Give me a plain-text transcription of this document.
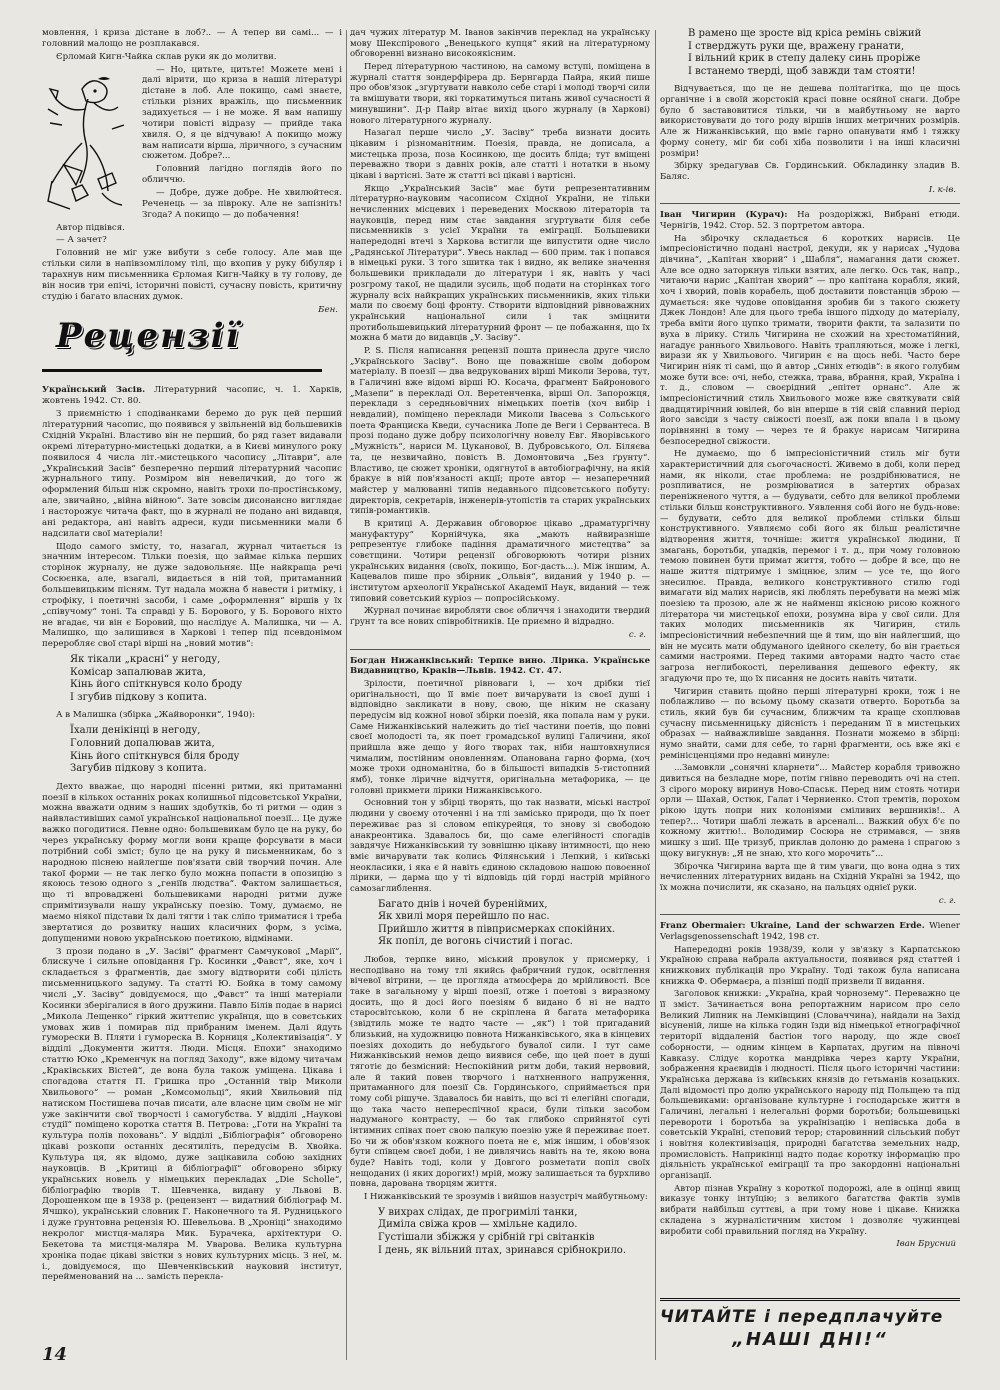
мовлення, і криза дістане в лоб?.. — А тепер ви самі... — і головний малощо не розплакався.

Єрломай Кигн-Чайка склав руки як до молитви.

— Но, цитьте, цитьте! Можете мені і далі вірити, що криза в нашій літературі дістане в лоб. Але покищо, самі знаєте, стільки різних вражіль, що письменник задихується — і не може. Я вам напишу чотири повісті відразу — прийде така хвиля. О, я це відчуваю! А покищо можу вам написати вірша, ліричного, з сучасним сюжетом. Добре?...

Головний лагідно поглядів його по обличчю.

— Добре, дуже добре. Не хвилюйтеся. Реченець — за півроку. Але не запізніть! Згода? А покищо — до побачення!

Автор підвівся.

— А зачет?

Головний не міг уже вибути з себе голосу. Але мав ще стільки сили в напівзомлілому тілі, що вхопив у руку бібуляр і тарахнув ним письменника Єрломая Кигн-Чайку в ту голову, де він носив три епічі, історичні повісті, сучасну повість, критичну студію і багато власних думок.

Бен.
Рецензії

Український Засів. Літературний часопис, ч. 1. Харків, жовтень 1942. Ст. 80.

З приємністю і сподіванками беремо до рук цей перший літературний часопис, що появився у звільненій від большевиків Східній Україні. Властиво він не перший, бо ряд газет видавали окремі літературно-мистецькі додатки, а в Києві минулого року появилося 4 числа літ.-мистецького часопису „Літаври“, але „Український Засів“ безперечно перший літературний часопис журнального типу. Розміром він невеличкий, до того ж оформлений більш ніж скромно, навіть трохи по-простінському, але, звичайно, „війна війною“. Зате зовсім дисонансно виглядає і насторожує читача факт, що в журналі не подано ані видавця, ані редактора, ані навіть адреси, куди письменники мали б надсилати свої матеріали!

Щодо самого змісту, то, назагал, журнал читається із значним інтересом. Тільки поезія, що займає кілька перших сторінок журналу, не дуже задовольняє. Ще найкраща речі Сосюєнка, але, взагалі, видається в ній той, притаманний большевицьким пісням. Тут надала можна б навести і ритміку, і строфіку, і поетичні засоби, і саме „оформлення“ віршів у їх „співучому“ тоні. Та справді у Б. Борового, у Б. Борового ніхто не вгадає, чи він є Боровий, що наслідує А. Малишка, чи — А. Малишко, що залишився в Харкові і тепер під псевдонімом переробляє свої старі вірші на „новий мотив“:

Як тікали „красні“ у негоду,
Комісар запалював жита,
Кінь його спіткнувся коло броду
І згубив підкову з копита.

А в Малишка (збірка „Жайворонки“, 1940):

Їхали денікінці в негоду,
Головний допалював жита,
Кінь його спіткнувся біля броду
Загубив підкову з копита.

Дехто вважає, що народні пісенні ритми, які притаманні поезії в кількох останніх роках колишньої підсовєтської України, можна вважати одним з наших здобутків, бо ті ритми — один з найвластивіших самої української національної поезії... Це дуже важко погодитися. Певне одно: большевикам було це на руку, бо через українську форму могли вони краще форсувати в маси потрібний собі зміст; було це на руку й письменникам, бо з народною піснею найлегше пов'язати свій творчий почин. Але такої форми — не так легко було можна попасти в опозицію з якоюсь тезою одного з „геніїв людства“. Фактом залишається, що ті впроваджені большевиками народні ритми дуже спримітизували нашу українську поезію. Тому, думаємо, не маємо ніякої підстави їх далі тягти і так сліпо триматися і треба звертатися до розвитку наших класичних форм, з усіма, допущеними новою українською поетикою, відмінами.

З прози подано в „У. Засіві“ фрагмент Самчукової „Марії“, блискуче і сильне оповідання Гр. Косинки „Фавст“, яке, хоч і складається з фрагментів, дає змогу відтворити собі цілість письменницького задуму. Та статті Ю. Бойка в тому самому числі „У. Засіву“ довідуємося, що „Фавст“ та інші матеріали Косинки зберігалися в його дружини. Павло Білів подає в нарисі „Микола Лещенко“ гіркий життєпис українця, що в совєтських умовах жив і помирав під прибраним іменем. Далі йдуть гуморески В. Пляти і гумореска В. Корниця „Колективізація“. У відділі „Документи життя. Люди. Місця. Епохи“ знаходимо статтю Юко „Кременчук на погляд Заходу“, вже відому читачам „Краківських Вістей“, де вона була також уміщена. Цікава і спогадова стаття П. Гришка про „Останній твір Миколи Хвильового“ — роман „Комсомольці“, який Хвильовий під натиском Постишева почав писати, але власне цим своїм не міг уже закінчити свої творчості і самогубства. У відділі „Наукові студії“ поміщено коротка стаття В. Петрова: „Готи на Україні та культура полів поховань“. У відділі „Бібліографія“ обговорено цікаві розкопи останніх десятиліть, передусім В. Хвойка. Культура ця, як відомо, дуже зацікавила собою західних науковців. В „Критиці й бібліографії“ обговорено збірку українських новель у німецьких перекладах „Die Scholle“, бібліографію творів Т. Шевченка, видану у Львові В. Дорошенком ще в 1938 р. (рецензент — видатний бібліограф М. Ячшко), український словник Г. Наконечного та Я. Рудницького і дуже ґрунтовна рецензія Ю. Шевельова. В „Хроніці“ знаходимо некролог мистця-маляра Мик. Бурачека, архітектури О. Бекетова та мистця-маляра М. Уварова. Велика культурна хроніка подає цікаві звістки з нових культурних місць. З неї, м. і., довідуємося, що Шевченківський науковий інститут, перейменований на ... замість перекла-

дач чужих літератур М. Іванов закінчив переклад на українську мову Шекспірового „Венецькoго купця“ який на літературному обговоренні визнано високоякісним.

Перед літературною частиною, на самому вступі, поміщена в журналі стаття зондерфірера др. Бернгарда Пайра, який пише про обов'язок „згуртувати навколо себе старі і молоді творчі сили та вмішувати твори, які торкатимуться питань живої сучасності й минувшини“. Д-р Пайр вітає вихід цього журналу (в Харкові) нового літературного журналу.

Назагал перше число „У. Засіву“ треба визнати досить цікавим і різноманітним. Поезія, правда, не дописала, а мистецька проза, поза Косинкою, ще досить бліда; тут вміщені переважно твори з давніх років, але статті і нотатки в ньому цікаві і вартісні. Зате ж статті всі цікаві і вартісні.

Якщо „Український Засів“ має бути репрезентативним літературно-науковим часописом Східної України, не тільки нечисленних місцевих і переведених Москвою літераторів та науковців, перед ним стає завдання згуртувати біля себе письменників з усієї України та еміграції. Большевики напередодні втечі з Харкова встигли ще випустити одне число „Радянської Літератури“. Увесь наклад — 600 прим. так і попався в німецькі руки. З того зшитка так і видно, як велике значення большевики прикладали до літератури і як, навіть у часі розгрому такої, не щадили зусиль, щоб подати на сторінках того журналу всіх найкращих українських письменників, яких тільки мали по своєму боці фронту. Створити відповідний рівноважних український національної сили і так зміцнити протибольшевицький літературний фронт — це побажання, що їх можна б мати до видавців „У. Засіву“.

P. S. Після написання рецензії пошта принесла друге число „Українського Засіву“. Воно ще поважніше своїм добором матеріалу. В поезії — два ведрукованих вірші Миколи Зерова, тут, в Галичині вже відомі вірші Ю. Косача, фрагмент Байронового „Мазепи“ в перекладі Ол. Веретенченка, вірші Ол. Запорожця, переклади з середньовічних німецьких поетів (хоч вибір і невдалий), поміщено переклади Миколи Івасева з Сольського поета Франциска Кведи, сучасника Лопе де Веги і Сервантеса. В прозі подано дуже добру психологічну новелу Евг. Яворівського „Мужність“, нариси М. Цуканової, В. Дубровського, Ол. Біляєва та, це незвичайно, повість В. Домонтовича „Без ґрунту“. Властиво, це сюжет хроніки, одягнутої в автобіографічну, на якій бракує в ній пов'язаності акції; проте автор — незаперечний майстер у малюванні типів недавнього підсовєтського побуту: директорів, секретарів, інженерів-утопістів та старих українських типів-романтиків.

В критиці А. Державин обговорює цікаво „драматургічну мануфактуру“ Корнійчука, яка „мають найвиразніше репрезентує глибоке падіння драматичного мистецтва“ за совєтщини. Чотири рецензії обговорюють чотири різних українських видання (своїх, покищо, Бог-дасть...). Між іншим, А. Кацевалов пише про збірник „Ольвія“, виданий у 1940 р. — інститутом археології Української Академії Наук, виданий — теж типовий советський куріоз — попросійському.

Журнал починає виробляти своє обличчя і знаходити твердий ґрунт та все нових співробітників. Це приємно й відрадно.

с. г.

Богдан Нижанківський: Терпке вино. Лірика. Українське Видавництво, Краків—Львів. 1942. Ст. 47.

Зрілости, поетичної рівноваги і, — хоч дрібки тієї оригінальності, що її вміє поет вичарувати із своєї душі і відповідно закликати в нову, свою, ще ніким не сказану передусім від кожної нової збірки поезій, яка попала нам у руки. Саме Нижанківський належить до тієї частини поетів, що повні своєї молодості та, як поет громадської вулиці Галичини, якої прийшла вже дещо у його творах так, ніби наштовхнулися чималим, постійним оновленням. Опанована гарно форма, (хоч може трохи одноманітна, бо в більшості випадків 5-тистопний ямб), тонке ліричне відчуття, оригінальна метафорика, — це головні прикмети лірики Нижанківського.

Основний тон у збірці творять, що так назвати, міські настрої людини у своєму оточенні і на тлі замісько природи, що їх поет переживає раз зі словом епікурейця, то знову зі свободою анакреонтика. Здавалось би, що саме елегійності спогадів завдячує Нижанківський ту зовнішню цікаву інтимності, що нею вміє вичарувати так колись Філянський і Лепкий, і київські неокласики, і яка є й навіть єдиною складовою нашою повоєнної лірики, — дарма що у ті відповідь цій горді настрій мрійного самозаглиблення.

Багато днів і ночей буреніймих,
Як хвилі моря перейшло по нас.
Прийшло життя в півприсмерках спокійних.
Як попіл, де вогонь січистий і погас.

Любов, терпке вино, міський провулок у присмерку, і несподівано на тому тлі якийсь фабричний гудок, освітлення вічевої вітрини, — це прогляда атмосфера до мрійливості. Все таке в загальному у вірші поезії, отже і поетові з виразному досить, що й досі його поезіям б видано б ні не надто старосвітською, коли б не скріплена й багата метафорика (звідтиль може те надто часте — „як“) і той пригаданий близький, на художницю повнота Нижанківського, яка в кінцевих поезіях доходить до небудьгого бувалої сили. І тут саме Нижанківський немов дещо виявися себе, що цей поет в душі тяготіє до безмісний: Неспокійний ритм доби, такий нервовий, але й такий повен творчого і натхненного напруження, притаманного для поезії Св. Гординського, сприймається при тому собі рішуче. Здавалось би навіть, що всі ті елегійні спогади, що така часто непереспічної краси, були тільки засобом надуманого контрасту, — бо так глибоко сприйнятої суті інтимних співах поет свою палкую поезію уже й переживає поет. Бо чи ж обов'язком кожного поета не є, між іншим, і обов'язок бути співцем своєї доби, і не дивлячись навіть на те, якою вона буде? Навіть тоді, коли у Довгого розметати попіл своїх нещоданих (і яких дорогих!) мрій, можу залишається та бурхливо повна, дарована творцям життя.

І Нижанківський те зрозумів і вийшов назустріч майбутньому:

У вихрах слідах, де прогримілі танки,
Диміла свіжа кров — хмільне кадило.
Густішали збіжжя у срібній грі світанків
І день, як вільний птах, зринався срібнокрило.
В рамено ще зросте від кріса ремінь свіжий
І стверджуть руки ще, вражену гранати,
І вільний крик в степу далеку синь проріже
І встанемо тверді, щоб завжди там стояти!

Відчувається, що це не дешева політагітка, що це щось органічне і в своїй жорстокій красі повне осяйної снаги. Добре було б заставовитися тільки, чи в майбутньому не варто використовувати до того роду віршів інших метричних розмірів. Але ж Нижанківський, що вміє гарно опанувати ямб і тяжку форму сонету, міг би собі хіба позволити і на інші класичні розміри!

Збірку зредагував Св. Гординський. Обкладинку зладив В. Баляс.

І. к-ів.

Іван Чигирин (Курач): На роздоріжжі, Вибрані етюди. Чернігів, 1942. Стор. 52. З портретом автора.

На збірочку складається 6 коротких нарисів. Це імпресіоністично подані настрої, декуди, як у нарисах „Чудова дівчина“, „Капітан хворий“ і „Шабля“, намагання дати сюжет. Але все одно заторкнув тільки взятих, але легко. Ось так, напр., читаючи нарис „Капітан хворий“ — про капітана корабля, який, хоч і хворий, повів корабель, щоб доставити повстанців зброю — думається: яке чудове оповідання зробив би з такого сюжету Джек Лондон! Але для цього треба іншого підходу до матеріалу, треба вміти його цупко тримати, творити факти, та залазити по вуха в лірику. Стиль Чигирина не схожий на хрестоматійний, нагадує раннього Хвильового. Навіть трапляються, може і легкі, вирази як у Хвильового. Чигирин є на щось небі. Часто бере Чигирин ніяк ті самі, що й автор „Синіх етюдів“: в якого голубим може бути все: очі, небо, стежка, трава, вбрання, край, Україна і т. д., словом — своєрідний „епітет орнанс“. Але ж імпресіоністичний стиль Хвильового може вже святкувати свій двадцятирічний ювілей, бо він вперше в тій свій славний період його завсіди з часту свіжості поезії, аж поки впала і в цьому порівнянні в тому — через те й бракує нарисам Чигирина безпосередної свіжости.

Не думаємо, що б імпресіоністичний стиль міг бути характеристичний для сьогочасності. Живемо в добі, коли перед нами, як ніколи, стає проблема: не роздрібнюватися, не розпливатися, не розмріюватися в затертих образах переніжненого чуття, а — будувати, себто для великої проблеми стільки більш конструктивного. Уявлення собі його не будь-нове: — будувати, себто для великої проблеми стільки більш конструктивного. Уявляємо собі його як більш реалістичне відтворення життя, точніше: життя української людини, її змагань, боротьби, упадків, перемог і т. д., при чому головною темою повинен бути примат життя, тобто — добре й все, що не наше життя підтримує і зміцнює, злим — усе те, що його знесилює. Правда, великого конструктивного стилю годі вимагати від малих нарисів, які люблять перебувати на межі між поезією та прозою, але ж не найменш якісною рисою кожного літератора чи мистецької епохи, розумна віра у свої сили. Для таких молодих письменників як Чигирин, стиль імпресіоністичний небезпечний ще й тим, що він найлегший, що він не мусить мати обдуманого ідейного скелету, бо він грається самими настроями. Перед такими авторами надто часто стає загроза неглибокості, переливання дешевого ефекту, як згадуючи про те, що їх писання не досить навіть читати.

Чигирин ставить щойно перші літературні кроки, тож і не поблажливо — по всьому цьому сказати отверто. Боротьба за стиль, який був би сучасним, ближчим та краще схоплював сучасну письменницьку дійсність і переданим її в мистецьких образах — найважливіше завдання. Познати можемо в збірці: нумо знайти, сами для себе, то гарні фрагменти, ось вже які є ремінісценціями про недавні минуле:

...Замовкли „сонячні кларнети“... Майстер корабля тривожно дивиться на безладне море, потім гнівно переводить очі на степ. З сірого мороку виринув Ново-Спаськ. Перед ним стоять чотири орли — Шахай, Остюк, Галат і Черниенко. Стоп тремтів, порохом рікою ідуть попри них колоніями сміливих вершників!.. А тепер?... Чотири шаблі лежать в арсеналі... Важкий обух б'є по кожному життю!.. Володимир Сосюра не стримався, — зняв мишку з шиї. Ще тризуб, приклав долоню до рамена і спрагою з щоку вигукнув: „Я не знаю, хто кого морочить“...

Збірочка Чигирина варта ще й тим уваги, що вона одна з тих нечисленних літературних видань на Східній Україні за 1942, що їх можна почислити, як сказано, на пальцях однієї руки.

с. г.

Franz Obermaier: Ukraine, Land der schwarzen Erde. Wiener Verlagsgenossenschaft 1942, 198 ст.

Напередодні років 1938/39, коли у зв'язку з Карпатською Україною справа набрала актуальности, появився ряд статтей і книжкових публікацій про Україну. Тоді також була написана книжка Ф. Обермаєра, а пізніші події призвели її видання.

Заголовок книжки: „Україна, край чорнозему“. Переважно це її зміст. Зачинається вона репортажним нарисом про село Великий Липник на Лемківщині (Словаччина), найдали на Захід вісуненій, лише на кілька годин їзди від німецької етнографічної території віддаленій бастіон того народу, що жде своєї соборности, — одним кінцем в Карпатах, другим на півночі Кавказу. Слідує коротка мандрівка через карту України, зображення краєвидів і людності. Після цього історичні частини: Українська держава із київських князів до гетьманів козацьких. Далі відомості про долю українського народу під Польщею та під большевиками: організоване культурне і господарське життя в Галичині, легальні і нелегальні форми боротьби; большевицькі перевороти і боротьба за українізацію і непівська доба в советській Україні, степовий терор; старовинний сільський побут і новітня колективізація, природні багатства земельних надр, промисловість. Наприкінці надто подає коротку інформацію про діяльність української еміграції та про закордонні національні організації.

Автор пізнав Україну з короткої подорожі, але в оцінці явищ виказує тонку інтуїцію; з великого багатства фактів зумів вибрати найбільш суттєві, а при тому нове і цікаве. Книжка складена з журналістичним хистом і дозволяє чужинцеві виробити собі правильний погляд на Україну.

Іван Брусний
ЧИТАЙТЕ і передплачуйте
„НАШІ ДНІ!“
14
